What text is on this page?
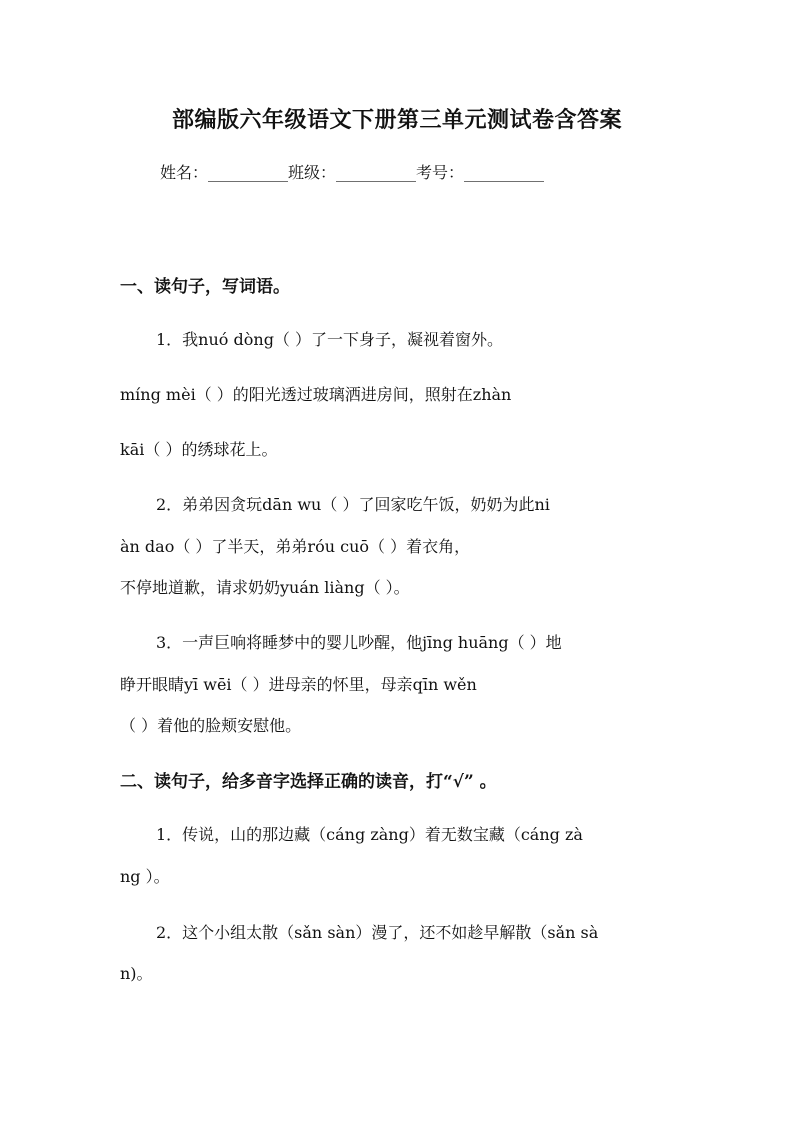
部编版六年级语文下册第三单元测试卷含答案
姓名：__________班级：__________考号：__________
一、读句子，写词语。
1．我nuó dòng（ ）了一下身子，凝视着窗外。
míng mèi（ ）的阳光透过玻璃洒进房间，照射在zhàn
kāi（ ）的绣球花上。
2．弟弟因贪玩dān wu（ ）了回家吃午饭，奶奶为此ni
àn dao（ ）了半天，弟弟róu cuō（ ）着衣角，
不停地道歉，请求奶奶yuán liàng（ ）。
3．一声巨响将睡梦中的婴儿吵醒，他jīng huāng（ ）地
睁开眼睛yī wēi（ ）进母亲的怀里，母亲qīn wěn
（ ）着他的脸颊安慰他。
二、读句子，给多音字选择正确的读音，打“√” 。
1．传说，山的那边藏（cáng zàng）着无数宝藏（cáng zà
ng ）。
2．这个小组太散（sǎn sàn）漫了，还不如趁早解散（sǎn sà
n)。
